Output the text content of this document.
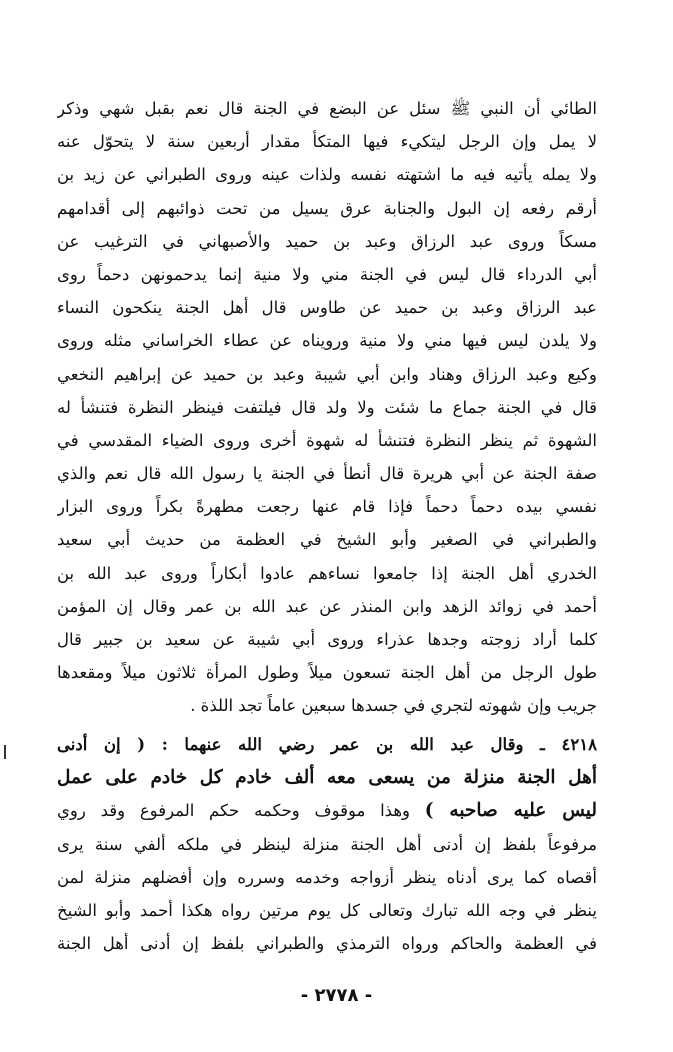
الطائي أن النبي ﷺ سئل عن البضع في الجنة قال نعم بقبل شهي وذكر
لا يمل وإن الرجل ليتكيء فيها المتكأ مقدار أربعين سنة لا يتحوّل عنه
ولا يمله يأتيه فيه ما اشتهته نفسه ولذات عينه وروى الطبراني عن زيد بن
أرقم رفعه إن البول والجنابة عرق يسيل من تحت ذوائبهم إلى أقدامهم
مسكاً وروى عبد الرزاق وعبد بن حميد والأصبهاني في الترغيب عن
أبي الدرداء قال ليس في الجنة مني ولا منية إنما يدحمونهن دحماً روى
عبد الرزاق وعبد بن حميد عن طاوس قال أهل الجنة ينكحون النساء
ولا يلدن ليس فيها مني ولا منية ورويناه عن عطاء الخراساني مثله وروى
وكيع وعبد الرزاق وهناد وابن أبي شيبة وعبد بن حميد عن إبراهيم النخعي
قال في الجنة جماع ما شئت ولا ولد قال فيلتفت فينظر النظرة فتنشأ له
الشهوة ثم ينظر النظرة فتنشأ له شهوة أخرى وروى الضياء المقدسي في
صفة الجنة عن أبي هريرة قال أنطأ في الجنة يا رسول الله قال نعم والذي
نفسي بيده دحماً دحماً فإذا قام عنها رجعت مطهرةً بكراً وروى البزار
والطبراني في الصغير وأبو الشيخ في العظمة من حديث أبي سعيد
الخدري أهل الجنة إذا جامعوا نساءهم عادوا أبكاراً وروى عبد الله بن
أحمد في زوائد الزهد وابن المنذر عن عبد الله بن عمر وقال إن المؤمن
كلما أراد زوجته وجدها عذراء وروى أبي شيبة عن سعيد بن جبير قال
طول الرجل من أهل الجنة تسعون ميلاً وطول المرأة ثلاثون ميلاً ومقعدها
جريب وإن شهوته لتجري في جسدها سبعين عاماً تجد اللذة .
٤٢١٨ ـ وقال عبد الله بن عمر رضي الله عنهما : ( إن أدنى
أهل الجنة منزلة من يسعى معه ألف خادم كل خادم على عمل
ليس عليه صاحبه ) وهذا موقوف وحكمه حكم المرفوع وقد روي
مرفوعاً بلفظ إن أدنى أهل الجنة منزلة لينظر في ملكه ألفي سنة يرى
أقصاه كما يرى أدناه ينظر أزواجه وخدمه وسرره وإن أفضلهم منزلة لمن
ينظر في وجه الله تبارك وتعالى كل يوم مرتين رواه هكذا أحمد وأبو الشيخ
في العظمة والحاكم ورواه الترمذي والطبراني بلفظ إن أدنى أهل الجنة
- ٢٧٧٨ -
